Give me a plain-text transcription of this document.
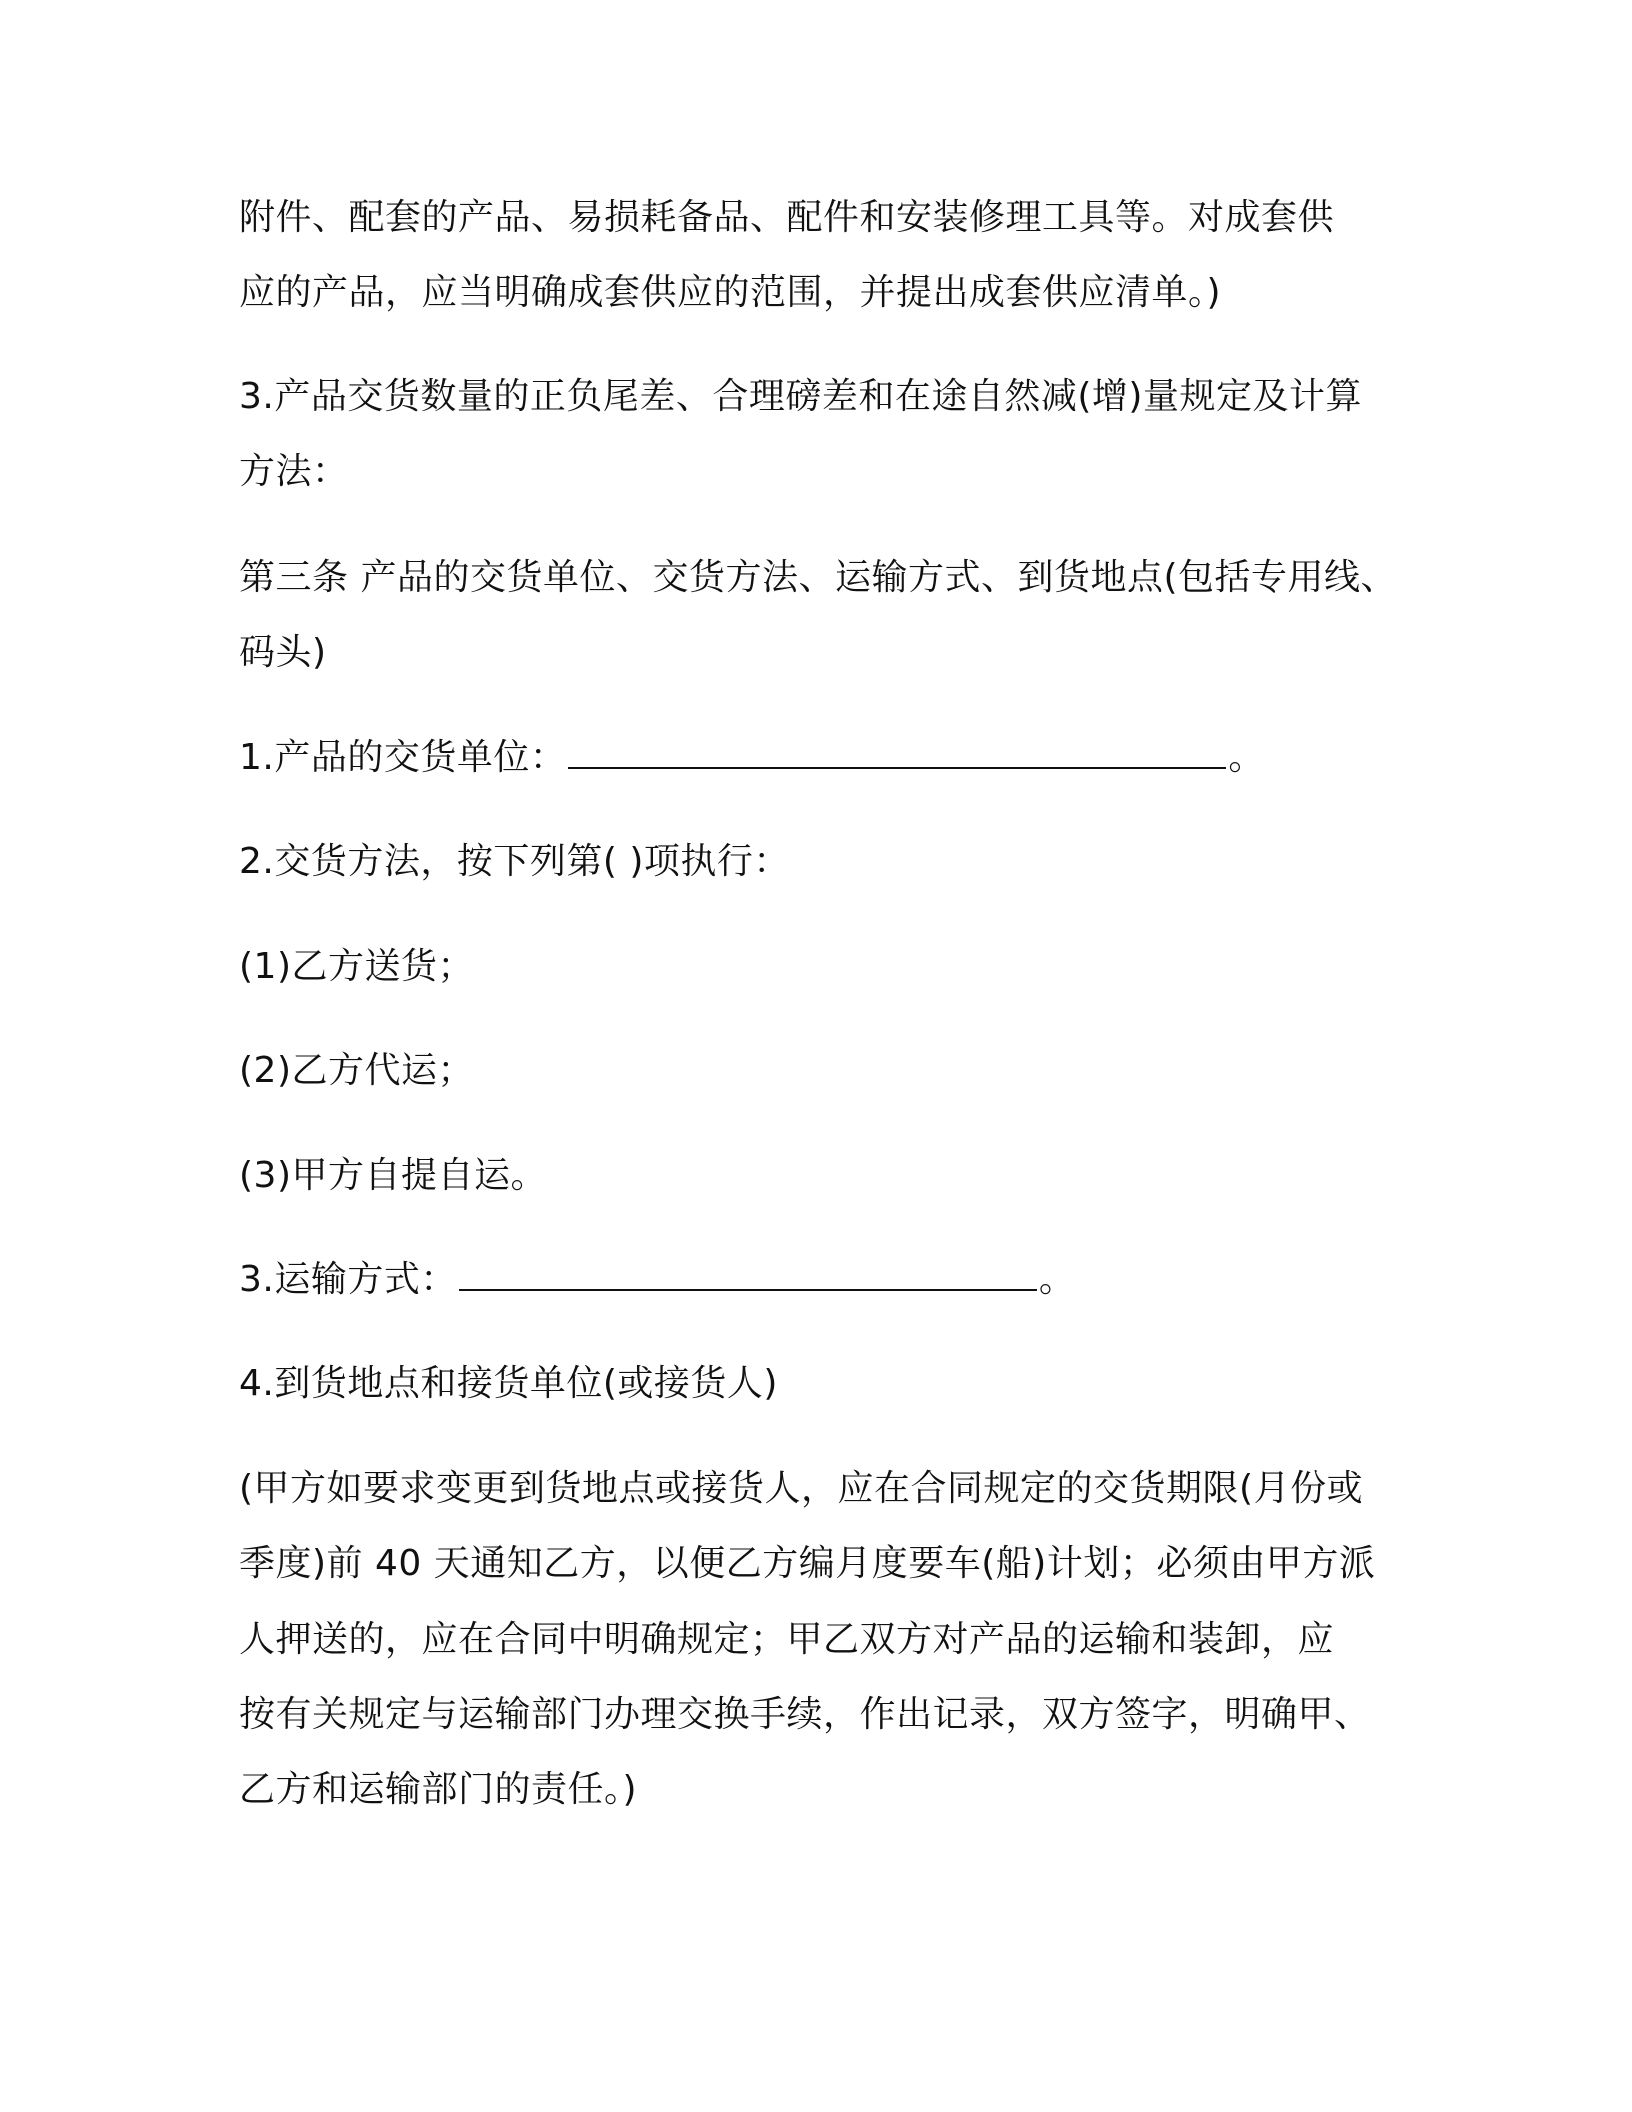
附件、配套的产品、易损耗备品、配件和安装修理工具等。对成套供
应的产品，应当明确成套供应的范围，并提出成套供应清单。)
3.产品交货数量的正负尾差、合理磅差和在途自然减(增)量规定及计算
方法：
第三条 产品的交货单位、交货方法、运输方式、到货地点(包括专用线、
码头)
1.产品的交货单位：	。
2.交货方法，按下列第( )项执行：
(1)乙方送货；
(2)乙方代运；
(3)甲方自提自运。
3.运输方式：	。
4.到货地点和接货单位(或接货人)
(甲方如要求变更到货地点或接货人，应在合同规定的交货期限(月份或
季度)前 40 天通知乙方，以便乙方编月度要车(船)计划；必须由甲方派
人押送的，应在合同中明确规定；甲乙双方对产品的运输和装卸，应
按有关规定与运输部门办理交换手续，作出记录，双方签字，明确甲、
乙方和运输部门的责任。)
